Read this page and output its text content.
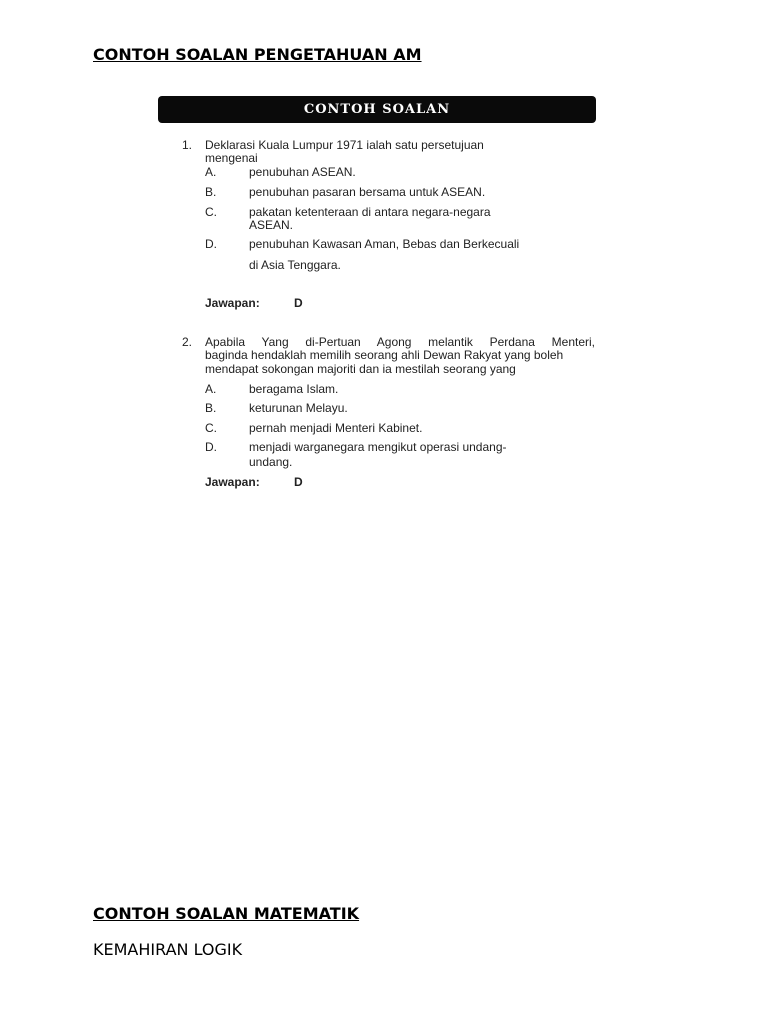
CONTOH SOALAN PENGETAHUAN AM
CONTOH SOALAN
1. Deklarasi Kuala Lumpur 1971 ialah satu persetujuan
mengenai
A.	penubuhan ASEAN.
B.	penubuhan pasaran bersama untuk ASEAN.
C.	pakatan ketenteraan di antara negara-negara
ASEAN.
D.	penubuhan Kawasan Aman, Bebas dan Berkecuali
di Asia Tenggara.
Jawapan:	D
2. Apabila Yang di-Pertuan Agong melantik Perdana Menteri,
baginda hendaklah memilih seorang ahli Dewan Rakyat yang boleh
mendapat sokongan majoriti dan ia mestilah seorang yang
A.	beragama Islam.
B.	keturunan Melayu.
C.	pernah menjadi Menteri Kabinet.
D.	menjadi warganegara mengikut operasi undang-
undang.
Jawapan:	D
CONTOH SOALAN MATEMATIK

KEMAHIRAN LOGIK
